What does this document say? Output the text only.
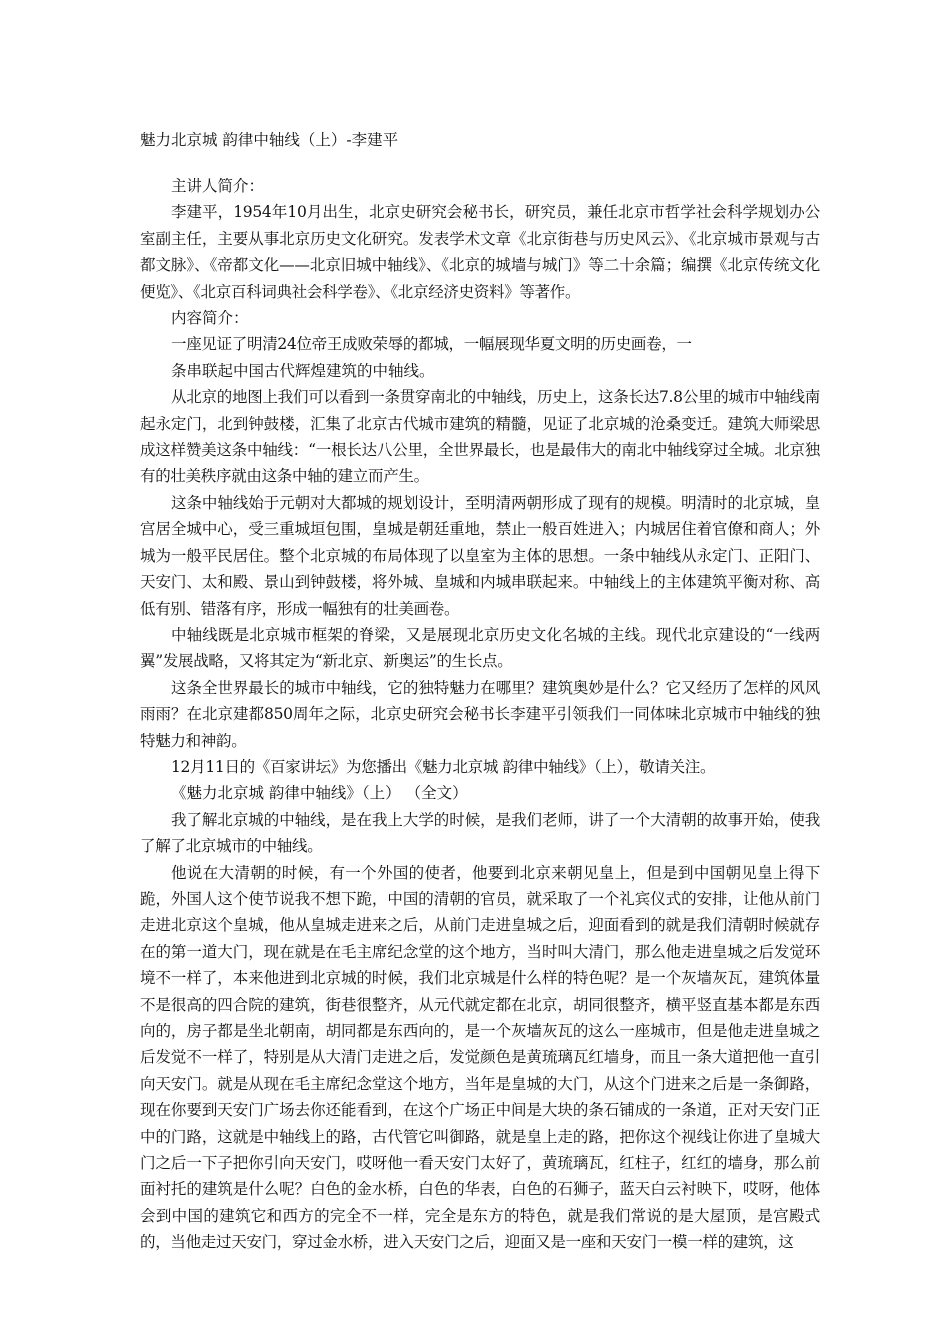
魅力北京城 韵律中轴线（上）-李建平

主讲人简介：

李建平，1954年10月出生，北京史研究会秘书长，研究员，兼任北京市哲学社会科学规划办公室副主任，主要从事北京历史文化研究。发表学术文章《北京街巷与历史风云》、《北京城市景观与古都文脉》、《帝都文化——北京旧城中轴线》、《北京的城墙与城门》等二十余篇；编撰《北京传统文化便览》、《北京百科词典社会科学卷》、《北京经济史资料》等著作。

内容简介：

一座见证了明清24位帝王成败荣辱的都城，一幅展现华夏文明的历史画卷，一

条串联起中国古代辉煌建筑的中轴线。

从北京的地图上我们可以看到一条贯穿南北的中轴线，历史上，这条长达7.8公里的城市中轴线南起永定门，北到钟鼓楼，汇集了北京古代城市建筑的精髓，见证了北京城的沧桑变迁。建筑大师梁思成这样赞美这条中轴线：“一根长达八公里，全世界最长，也是最伟大的南北中轴线穿过全城。北京独有的壮美秩序就由这条中轴的建立而产生。

这条中轴线始于元朝对大都城的规划设计，至明清两朝形成了现有的规模。明清时的北京城，皇宫居全城中心，受三重城垣包围，皇城是朝廷重地，禁止一般百姓进入；内城居住着官僚和商人；外城为一般平民居住。整个北京城的布局体现了以皇室为主体的思想。一条中轴线从永定门、正阳门、天安门、太和殿、景山到钟鼓楼，将外城、皇城和内城串联起来。中轴线上的主体建筑平衡对称、高低有别、错落有序，形成一幅独有的壮美画卷。

中轴线既是北京城市框架的脊梁，又是展现北京历史文化名城的主线。现代北京建设的“一线两翼”发展战略，又将其定为“新北京、新奥运”的生长点。

这条全世界最长的城市中轴线，它的独特魅力在哪里？建筑奥妙是什么？它又经历了怎样的风风雨雨？在北京建都850周年之际，北京史研究会秘书长李建平引领我们一同体味北京城市中轴线的独特魅力和神韵。

12月11日的《百家讲坛》为您播出《魅力北京城 韵律中轴线》（上），敬请关注。

《魅力北京城 韵律中轴线》（上） （全文）

我了解北京城的中轴线，是在我上大学的时候，是我们老师，讲了一个大清朝的故事开始，使我了解了北京城市的中轴线。

他说在大清朝的时候，有一个外国的使者，他要到北京来朝见皇上，但是到中国朝见皇上得下跪，外国人这个使节说我不想下跪，中国的清朝的官员，就采取了一个礼宾仪式的安排，让他从前门走进北京这个皇城，他从皇城走进来之后，从前门走进皇城之后，迎面看到的就是我们清朝时候就存在的第一道大门，现在就是在毛主席纪念堂的这个地方，当时叫大清门，那么他走进皇城之后发觉环境不一样了，本来他进到北京城的时候，我们北京城是什么样的特色呢？是一个灰墙灰瓦，建筑体量不是很高的四合院的建筑，街巷很整齐，从元代就定都在北京，胡同很整齐，横平竖直基本都是东西向的，房子都是坐北朝南，胡同都是东西向的，是一个灰墙灰瓦的这么一座城市，但是他走进皇城之后发觉不一样了，特别是从大清门走进之后，发觉颜色是黄琉璃瓦红墙身，而且一条大道把他一直引向天安门。就是从现在毛主席纪念堂这个地方，当年是皇城的大门，从这个门进来之后是一条御路，现在你要到天安门广场去你还能看到，在这个广场正中间是大块的条石铺成的一条道，正对天安门正中的门路，这就是中轴线上的路，古代管它叫御路，就是皇上走的路，把你这个视线让你进了皇城大门之后一下子把你引向天安门，哎呀他一看天安门太好了，黄琉璃瓦，红柱子，红红的墙身，那么前面衬托的建筑是什么呢？白色的金水桥，白色的华表，白色的石狮子，蓝天白云衬映下，哎呀，他体会到中国的建筑它和西方的完全不一样，完全是东方的特色，就是我们常说的是大屋顶，是宫殿式的，当他走过天安门，穿过金水桥，进入天安门之后，迎面又是一座和天安门一模一样的建筑，这
